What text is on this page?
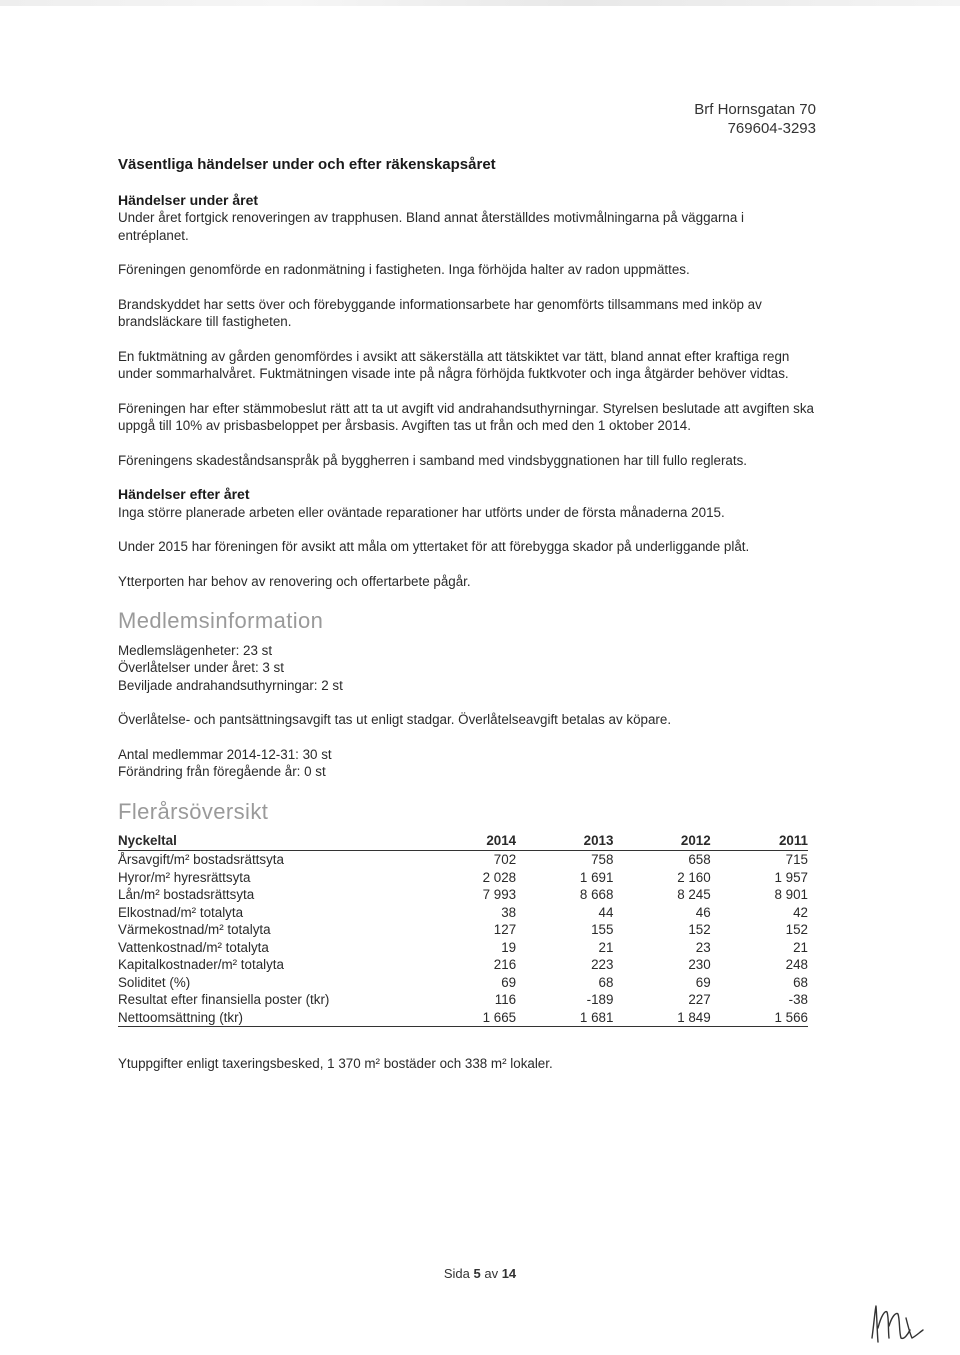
Brf Hornsgatan 70
769604-3293
Väsentliga händelser under och efter räkenskapsåret
Händelser under året

Under året fortgick renoveringen av trapphusen. Bland annat återställdes motivmålningarna på väggarna i entréplanet.

Föreningen genomförde en radonmätning i fastigheten. Inga förhöjda halter av radon uppmättes.

Brandskyddet har setts över och förebyggande informationsarbete har genomförts tillsammans med inköp av brandsläckare till fastigheten.

En fuktmätning av gården genomfördes i avsikt att säkerställa att tätskiktet var tätt, bland annat efter kraftiga regn under sommarhalvåret. Fuktmätningen visade inte på några förhöjda fuktkvoter och inga åtgärder behöver vidtas.

Föreningen har efter stämmobeslut rätt att ta ut avgift vid andrahandsuthyrningar. Styrelsen beslutade att avgiften ska uppgå till 10% av prisbasbeloppet per årsbasis. Avgiften tas ut från och med den 1 oktober 2014.

Föreningens skadeståndsanspråk på byggherren i samband med vindsbyggnationen har till fullo reglerats.

Händelser efter året

Inga större planerade arbeten eller oväntade reparationer har utförts under de första månaderna 2015.

Under 2015 har föreningen för avsikt att måla om yttertaket för att förebygga skador på underliggande plåt.

Ytterporten har behov av renovering och offertarbete pågår.

Medlemsinformation
Medlemslägenheter: 23 st
Överlåtelser under året: 3 st

Beviljade andrahandsuthyrningar: 2 st

Överlåtelse- och pantsättningsavgift tas ut enligt stadgar. Överlåtelseavgift betalas av köpare.

Antal medlemmar 2014-12-31: 30 st
Förändring från föregående år: 0 st
Flerårsöversikt
Nyckeltal	2014	2013	2012	2011
Årsavgift/m² bostadsrättsyta	702	758	658	715
Hyror/m² hyresrättsyta	2 028	1 691	2 160	1 957
Lån/m² bostadsrättsyta	7 993	8 668	8 245	8 901
Elkostnad/m² totalyta	38	44	46	42
Värmekostnad/m² totalyta	127	155	152	152
Vattenkostnad/m² totalyta	19	21	23	21
Kapitalkostnader/m² totalyta	216	223	230	248
Soliditet (%)	69	68	69	68
Resultat efter finansiella poster (tkr)	116	-189	227	-38
Nettoomsättning (tkr)	1 665	1 681	1 849	1 566

Ytuppgifter enligt taxeringsbesked, 1 370 m² bostäder och 338 m² lokaler.

Sida 5 av 14
